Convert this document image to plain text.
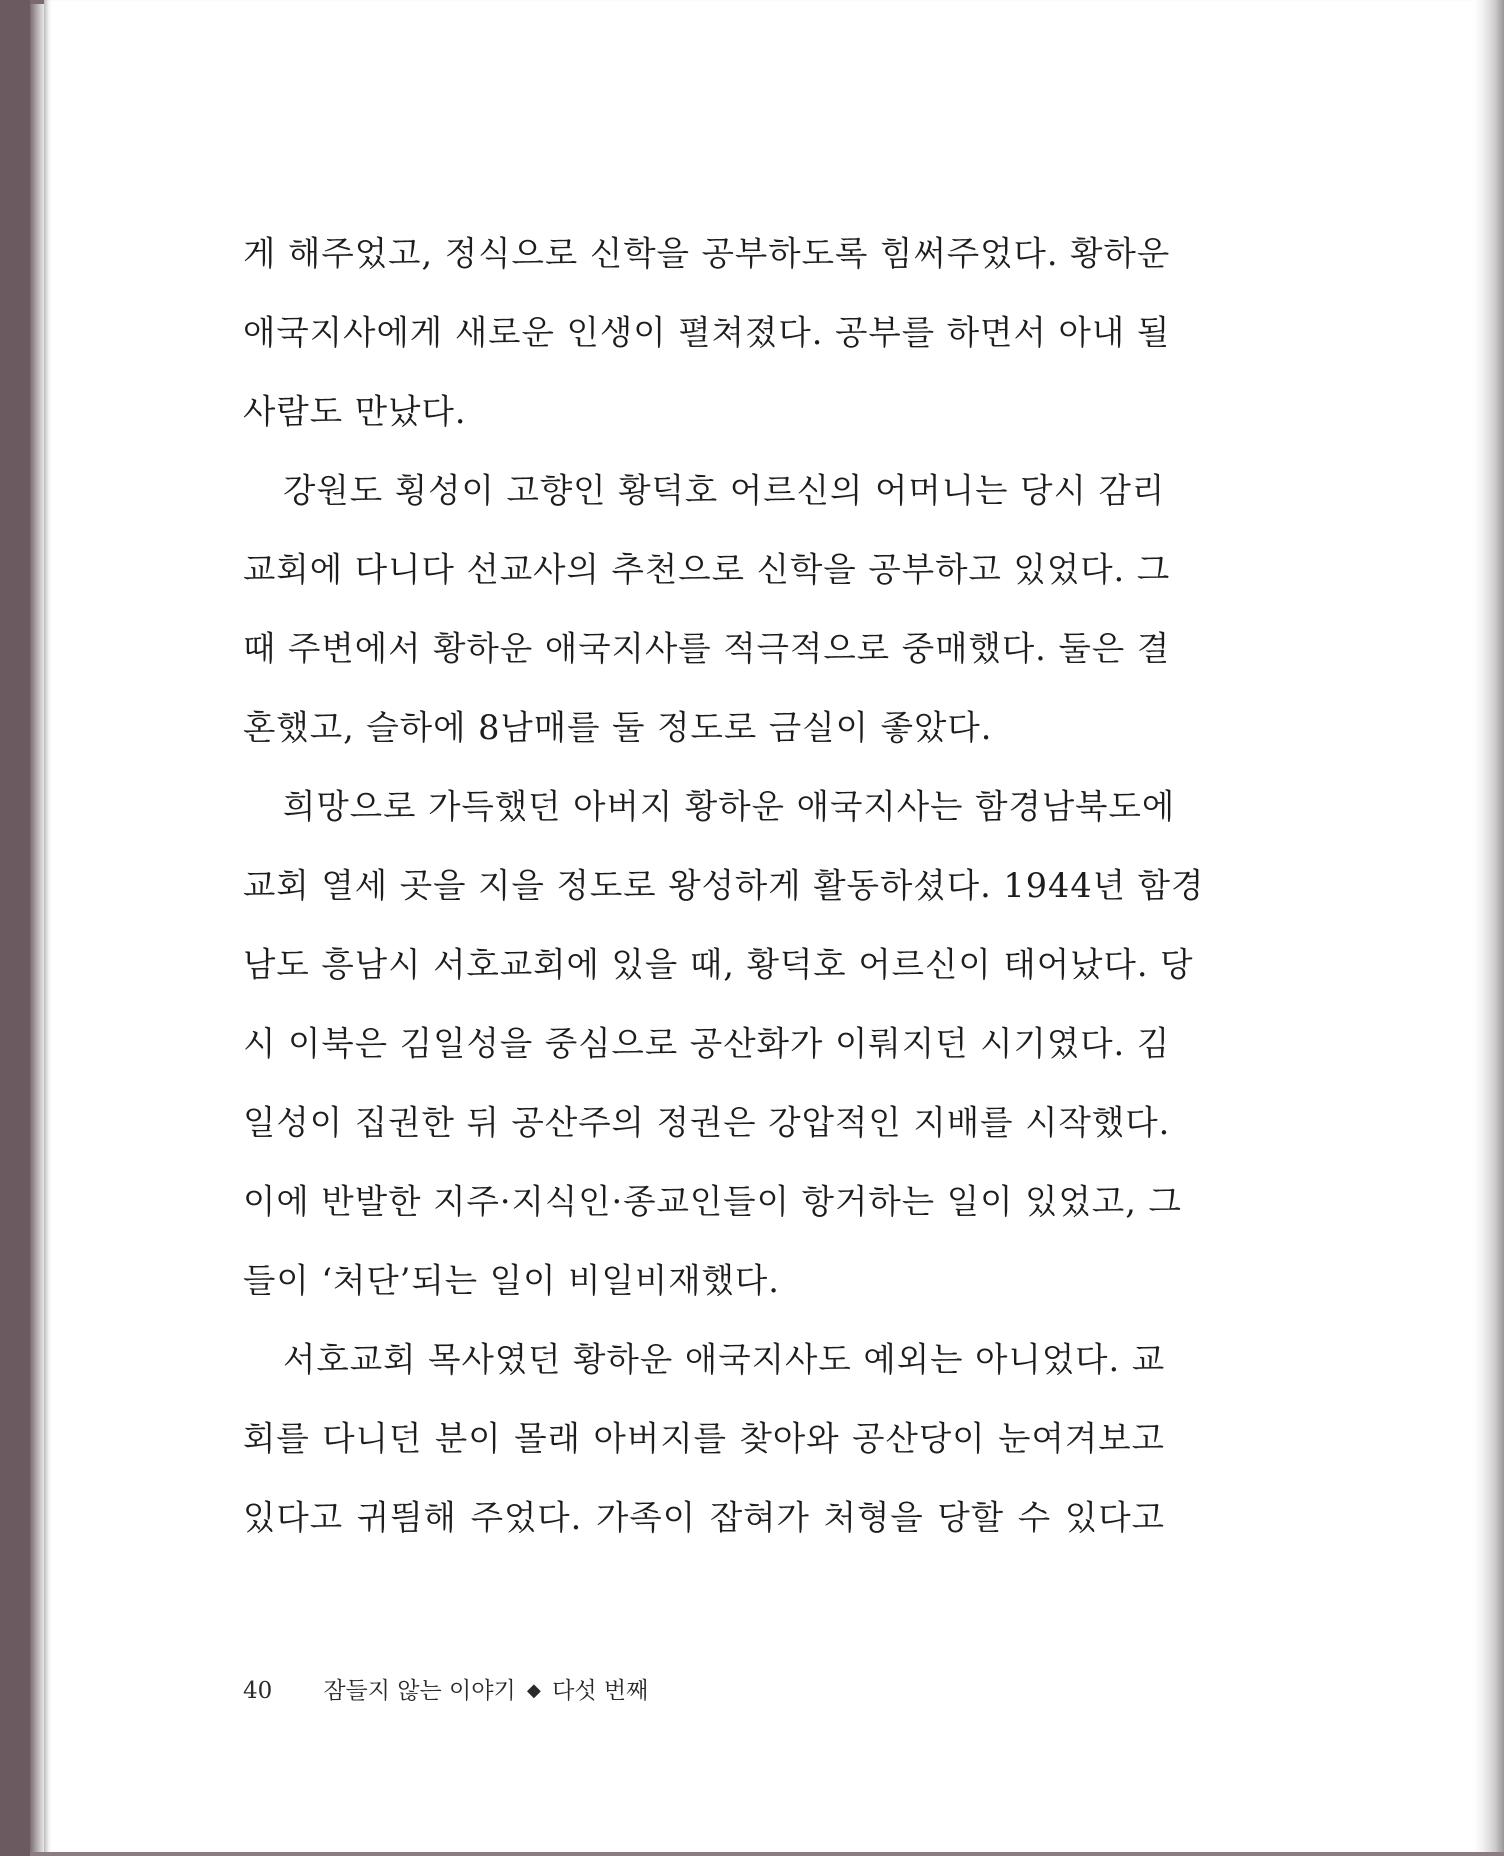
게 해주었고, 정식으로 신학을 공부하도록 힘써주었다. 황하운
애국지사에게 새로운 인생이 펼쳐졌다. 공부를 하면서 아내 될
사람도 만났다.
강원도 횡성이 고향인 황덕호 어르신의 어머니는 당시 감리
교회에 다니다 선교사의 추천으로 신학을 공부하고 있었다. 그
때 주변에서 황하운 애국지사를 적극적으로 중매했다. 둘은 결
혼했고, 슬하에 8남매를 둘 정도로 금실이 좋았다.
희망으로 가득했던 아버지 황하운 애국지사는 함경남북도에
교회 열세 곳을 지을 정도로 왕성하게 활동하셨다. 1944년 함경
남도 흥남시 서호교회에 있을 때, 황덕호 어르신이 태어났다. 당
시 이북은 김일성을 중심으로 공산화가 이뤄지던 시기였다. 김
일성이 집권한 뒤 공산주의 정권은 강압적인 지배를 시작했다.
이에 반발한 지주·지식인·종교인들이 항거하는 일이 있었고, 그
들이 ‘처단’되는 일이 비일비재했다.
서호교회 목사였던 황하운 애국지사도 예외는 아니었다. 교
회를 다니던 분이 몰래 아버지를 찾아와 공산당이 눈여겨보고
있다고 귀띔해 주었다. 가족이 잡혀가 처형을 당할 수 있다고
40 잠들지 않는 이야기 ◆ 다섯 번째
